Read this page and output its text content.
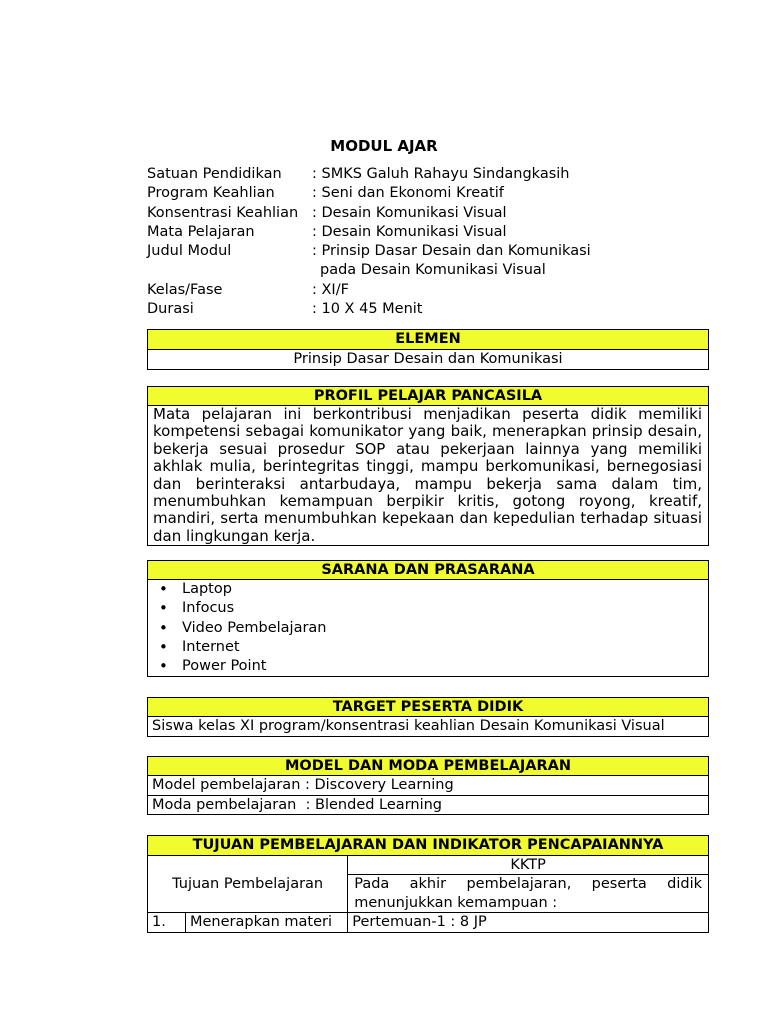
MODUL AJAR
Satuan Pendidikan	: SMKS Galuh Rahayu Sindangkasih
Program Keahlian	: Seni dan Ekonomi Kreatif
Konsentrasi Keahlian : Desain Komunikasi Visual
Mata Pelajaran	: Desain Komunikasi Visual
Judul Modul	: Prinsip Dasar Desain dan Komunikasi pada Desain Komunikasi Visual
Kelas/Fase	: XI/F
Durasi	: 10 X 45 Menit
ELEMEN
Prinsip Dasar Desain dan Komunikasi
PROFIL PELAJAR PANCASILA
Mata pelajaran ini berkontribusi menjadikan peserta didik memiliki kompetensi sebagai komunikator yang baik, menerapkan prinsip desain, bekerja sesuai prosedur SOP atau pekerjaan lainnya yang memiliki akhlak mulia, berintegritas tinggi, mampu berkomunikasi, bernegosiasi dan berinteraksi antarbudaya, mampu bekerja sama dalam tim, menumbuhkan kemampuan berpikir kritis, gotong royong, kreatif, mandiri, serta menumbuhkan kepekaan dan kepedulian terhadap situasi dan lingkungan kerja.
SARANA DAN PRASARANA
• Laptop
• Infocus
• Video Pembelajaran
• Internet
• Power Point
TARGET PESERTA DIDIK
Siswa kelas XI program/konsentrasi keahlian Desain Komunikasi Visual
MODEL DAN MODA PEMBELAJARAN
Model pembelajaran : Discovery Learning
Moda pembelajaran  : Blended Learning
TUJUAN PEMBELAJARAN DAN INDIKATOR PENCAPAIANNYA		
Tujuan Pembelajaran		KKTP
		Pada akhir pembelajaran, peserta didik menunjukkan kemampuan :
1.	Menerapkan materi	Pertemuan-1 : 8 JP
